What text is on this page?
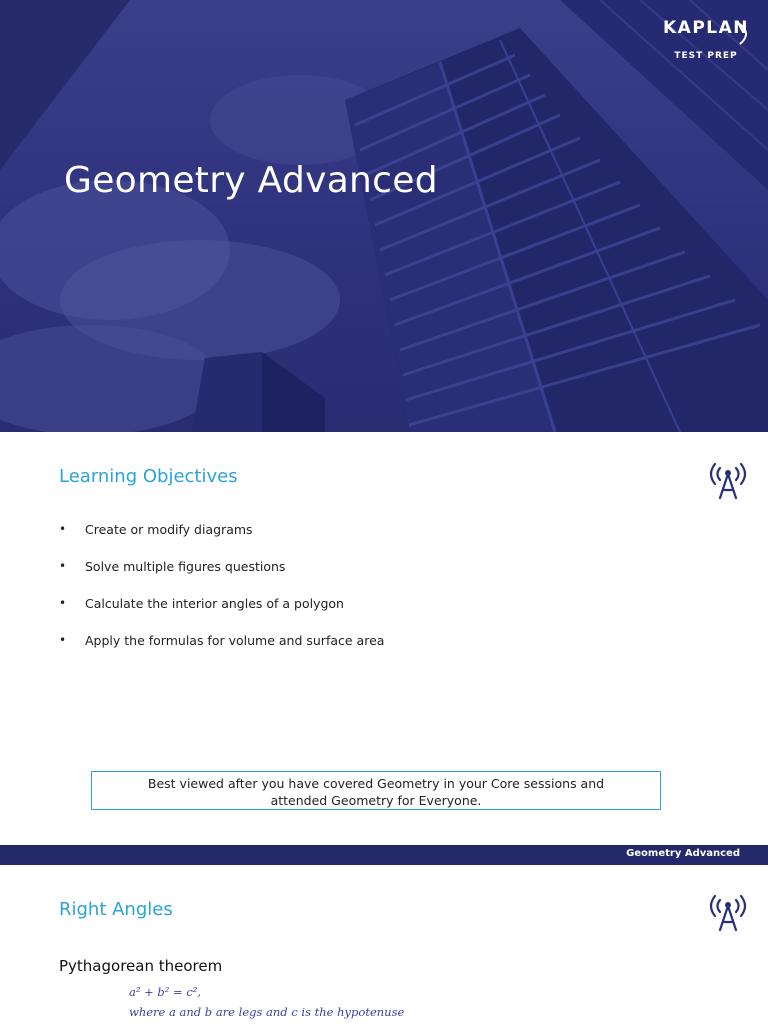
Geometry Advanced
KAPLAN
TEST PREP
Learning Objectives
• Create or modify diagrams
• Solve multiple figures questions
• Calculate the interior angles of a polygon
• Apply the formulas for volume and surface area
Best viewed after you have covered Geometry in your Core sessions and
attended Geometry for Everyone.
Geometry Advanced
Right Angles
Pythagorean theorem
a² + b² = c²,
where a and b are legs and c is the hypotenuse
